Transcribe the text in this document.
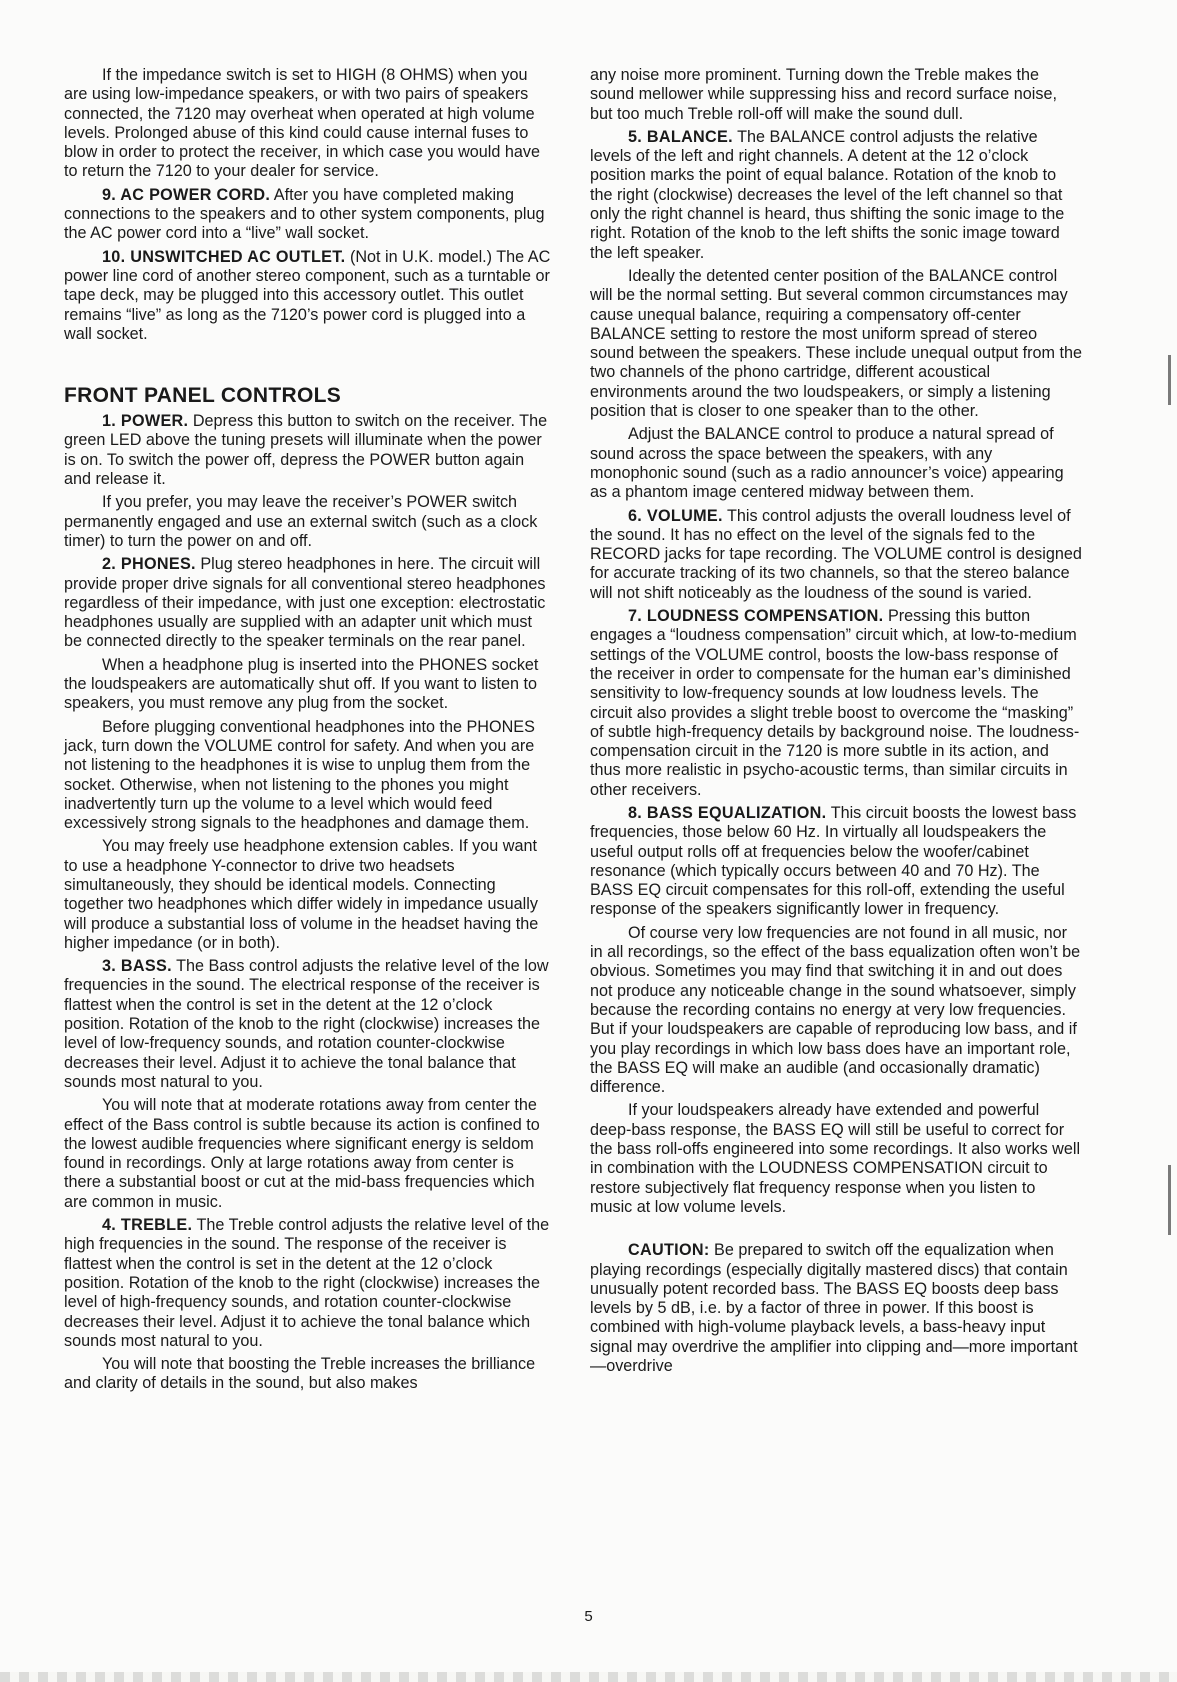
If the impedance switch is set to HIGH (8 OHMS) when you are using low-impedance speakers, or with two pairs of speakers connected, the 7120 may overheat when operated at high volume levels. Prolonged abuse of this kind could cause internal fuses to blow in order to protect the receiver, in which case you would have to return the 7120 to your dealer for service.

9. AC POWER CORD. After you have completed making connections to the speakers and to other system components, plug the AC power cord into a “live” wall socket.

10. UNSWITCHED AC OUTLET. (Not in U.K. model.) The AC power line cord of another stereo component, such as a turntable or tape deck, may be plugged into this accessory outlet. This outlet remains “live” as long as the 7120’s power cord is plugged into a wall socket.

FRONT PANEL CONTROLS

1. POWER. Depress this button to switch on the receiver. The green LED above the tuning presets will illuminate when the power is on. To switch the power off, depress the POWER button again and release it.

If you prefer, you may leave the receiver’s POWER switch permanently engaged and use an external switch (such as a clock timer) to turn the power on and off.

2. PHONES. Plug stereo headphones in here. The circuit will provide proper drive signals for all conventional stereo headphones regardless of their impedance, with just one exception: electrostatic headphones usually are supplied with an adapter unit which must be connected directly to the speaker terminals on the rear panel.

When a headphone plug is inserted into the PHONES socket the loudspeakers are automatically shut off. If you want to listen to speakers, you must remove any plug from the socket.

Before plugging conventional headphones into the PHONES jack, turn down the VOLUME control for safety. And when you are not listening to the headphones it is wise to unplug them from the socket. Otherwise, when not listening to the phones you might inadvertently turn up the volume to a level which would feed excessively strong signals to the headphones and damage them.

You may freely use headphone extension cables. If you want to use a headphone Y-connector to drive two headsets simultaneously, they should be identical models. Connecting together two headphones which differ widely in impedance usually will produce a substantial loss of volume in the headset having the higher impedance (or in both).

3. BASS. The Bass control adjusts the relative level of the low frequencies in the sound. The electrical response of the receiver is flattest when the control is set in the detent at the 12 o’clock position. Rotation of the knob to the right (clockwise) increases the level of low-frequency sounds, and rotation counter-clockwise decreases their level. Adjust it to achieve the tonal balance that sounds most natural to you.

You will note that at moderate rotations away from center the effect of the Bass control is subtle because its action is confined to the lowest audible frequencies where significant energy is seldom found in recordings. Only at large rotations away from center is there a substantial boost or cut at the mid-bass frequencies which are common in music.

4. TREBLE. The Treble control adjusts the relative level of the high frequencies in the sound. The response of the receiver is flattest when the control is set in the detent at the 12 o’clock position. Rotation of the knob to the right (clockwise) increases the level of high-frequency sounds, and rotation counter-clockwise decreases their level. Adjust it to achieve the tonal balance which sounds most natural to you.

You will note that boosting the Treble increases the brilliance and clarity of details in the sound, but also makes

any noise more prominent. Turning down the Treble makes the sound mellower while suppressing hiss and record surface noise, but too much Treble roll-off will make the sound dull.

5. BALANCE. The BALANCE control adjusts the relative levels of the left and right channels. A detent at the 12 o’clock position marks the point of equal balance. Rotation of the knob to the right (clockwise) decreases the level of the left channel so that only the right channel is heard, thus shifting the sonic image to the right. Rotation of the knob to the left shifts the sonic image toward the left speaker.

Ideally the detented center position of the BALANCE control will be the normal setting. But several common circumstances may cause unequal balance, requiring a compensatory off-center BALANCE setting to restore the most uniform spread of stereo sound between the speakers. These include unequal output from the two channels of the phono cartridge, different acoustical environments around the two loudspeakers, or simply a listening position that is closer to one speaker than to the other.

Adjust the BALANCE control to produce a natural spread of sound across the space between the speakers, with any monophonic sound (such as a radio announcer’s voice) appearing as a phantom image centered midway between them.

6. VOLUME. This control adjusts the overall loudness level of the sound. It has no effect on the level of the signals fed to the RECORD jacks for tape recording. The VOLUME control is designed for accurate tracking of its two channels, so that the stereo balance will not shift noticeably as the loudness of the sound is varied.

7. LOUDNESS COMPENSATION. Pressing this button engages a “loudness compensation” circuit which, at low-to-medium settings of the VOLUME control, boosts the low-bass response of the receiver in order to compensate for the human ear’s diminished sensitivity to low-frequency sounds at low loudness levels. The circuit also provides a slight treble boost to overcome the “masking” of subtle high-frequency details by background noise. The loudness-compensation circuit in the 7120 is more subtle in its action, and thus more realistic in psycho-acoustic terms, than similar circuits in other receivers.

8. BASS EQUALIZATION. This circuit boosts the lowest bass frequencies, those below 60 Hz. In virtually all loudspeakers the useful output rolls off at frequencies below the woofer/cabinet resonance (which typically occurs between 40 and 70 Hz). The BASS EQ circuit compensates for this roll-off, extending the useful response of the speakers significantly lower in frequency.

Of course very low frequencies are not found in all music, nor in all recordings, so the effect of the bass equalization often won’t be obvious. Sometimes you may find that switching it in and out does not produce any noticeable change in the sound whatsoever, simply because the recording contains no energy at very low frequencies. But if your loudspeakers are capable of reproducing low bass, and if you play recordings in which low bass does have an important role, the BASS EQ will make an audible (and occasionally dramatic) difference.

If your loudspeakers already have extended and powerful deep-bass response, the BASS EQ will still be useful to correct for the bass roll-offs engineered into some recordings. It also works well in combination with the LOUDNESS COMPENSATION circuit to restore subjectively flat frequency response when you listen to music at low volume levels.

CAUTION: Be prepared to switch off the equalization when playing recordings (especially digitally mastered discs) that contain unusually potent recorded bass. The BASS EQ boosts deep bass levels by 5 dB, i.e. by a factor of three in power. If this boost is combined with high-volume playback levels, a bass-heavy input signal may overdrive the amplifier into clipping and—more important—overdrive

5
